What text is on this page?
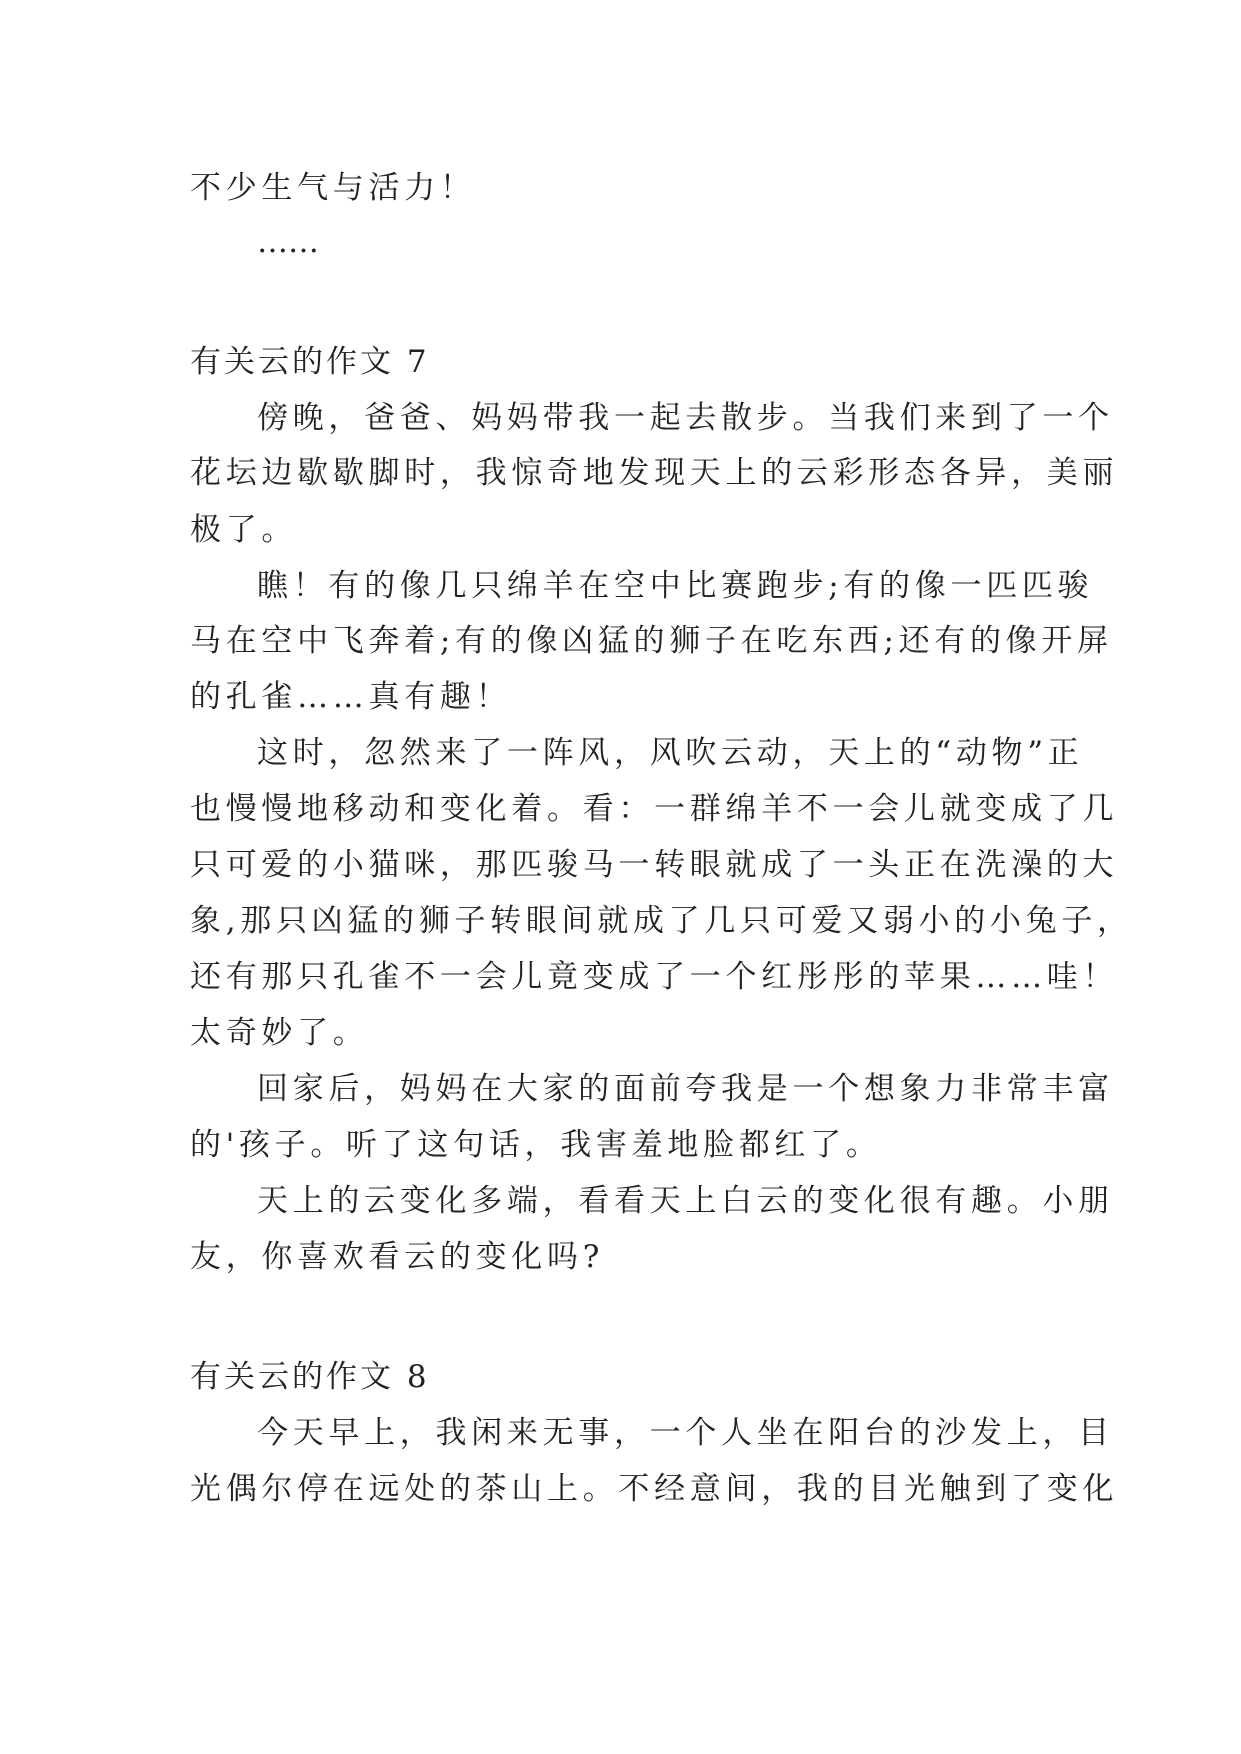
不少生气与活力！
……
有关云的作文 7
傍晚，爸爸、妈妈带我一起去散步。当我们来到了一个
花坛边歇歇脚时，我惊奇地发现天上的云彩形态各异，美丽
极了。
瞧！有的像几只绵羊在空中比赛跑步;有的像一匹匹骏
马在空中飞奔着;有的像凶猛的狮子在吃东西;还有的像开屏
的孔雀……真有趣！
这时，忽然来了一阵风，风吹云动，天上的“动物”正
也慢慢地移动和变化着。看：一群绵羊不一会儿就变成了几
只可爱的小猫咪，那匹骏马一转眼就成了一头正在洗澡的大
象,那只凶猛的狮子转眼间就成了几只可爱又弱小的小兔子，
还有那只孔雀不一会儿竟变成了一个红彤彤的苹果……哇！
太奇妙了。
回家后，妈妈在大家的面前夸我是一个想象力非常丰富
的'孩子。听了这句话，我害羞地脸都红了。
天上的云变化多端，看看天上白云的变化很有趣。小朋
友，你喜欢看云的变化吗?
有关云的作文 8
今天早上，我闲来无事，一个人坐在阳台的沙发上，目
光偶尔停在远处的茶山上。不经意间，我的目光触到了变化
